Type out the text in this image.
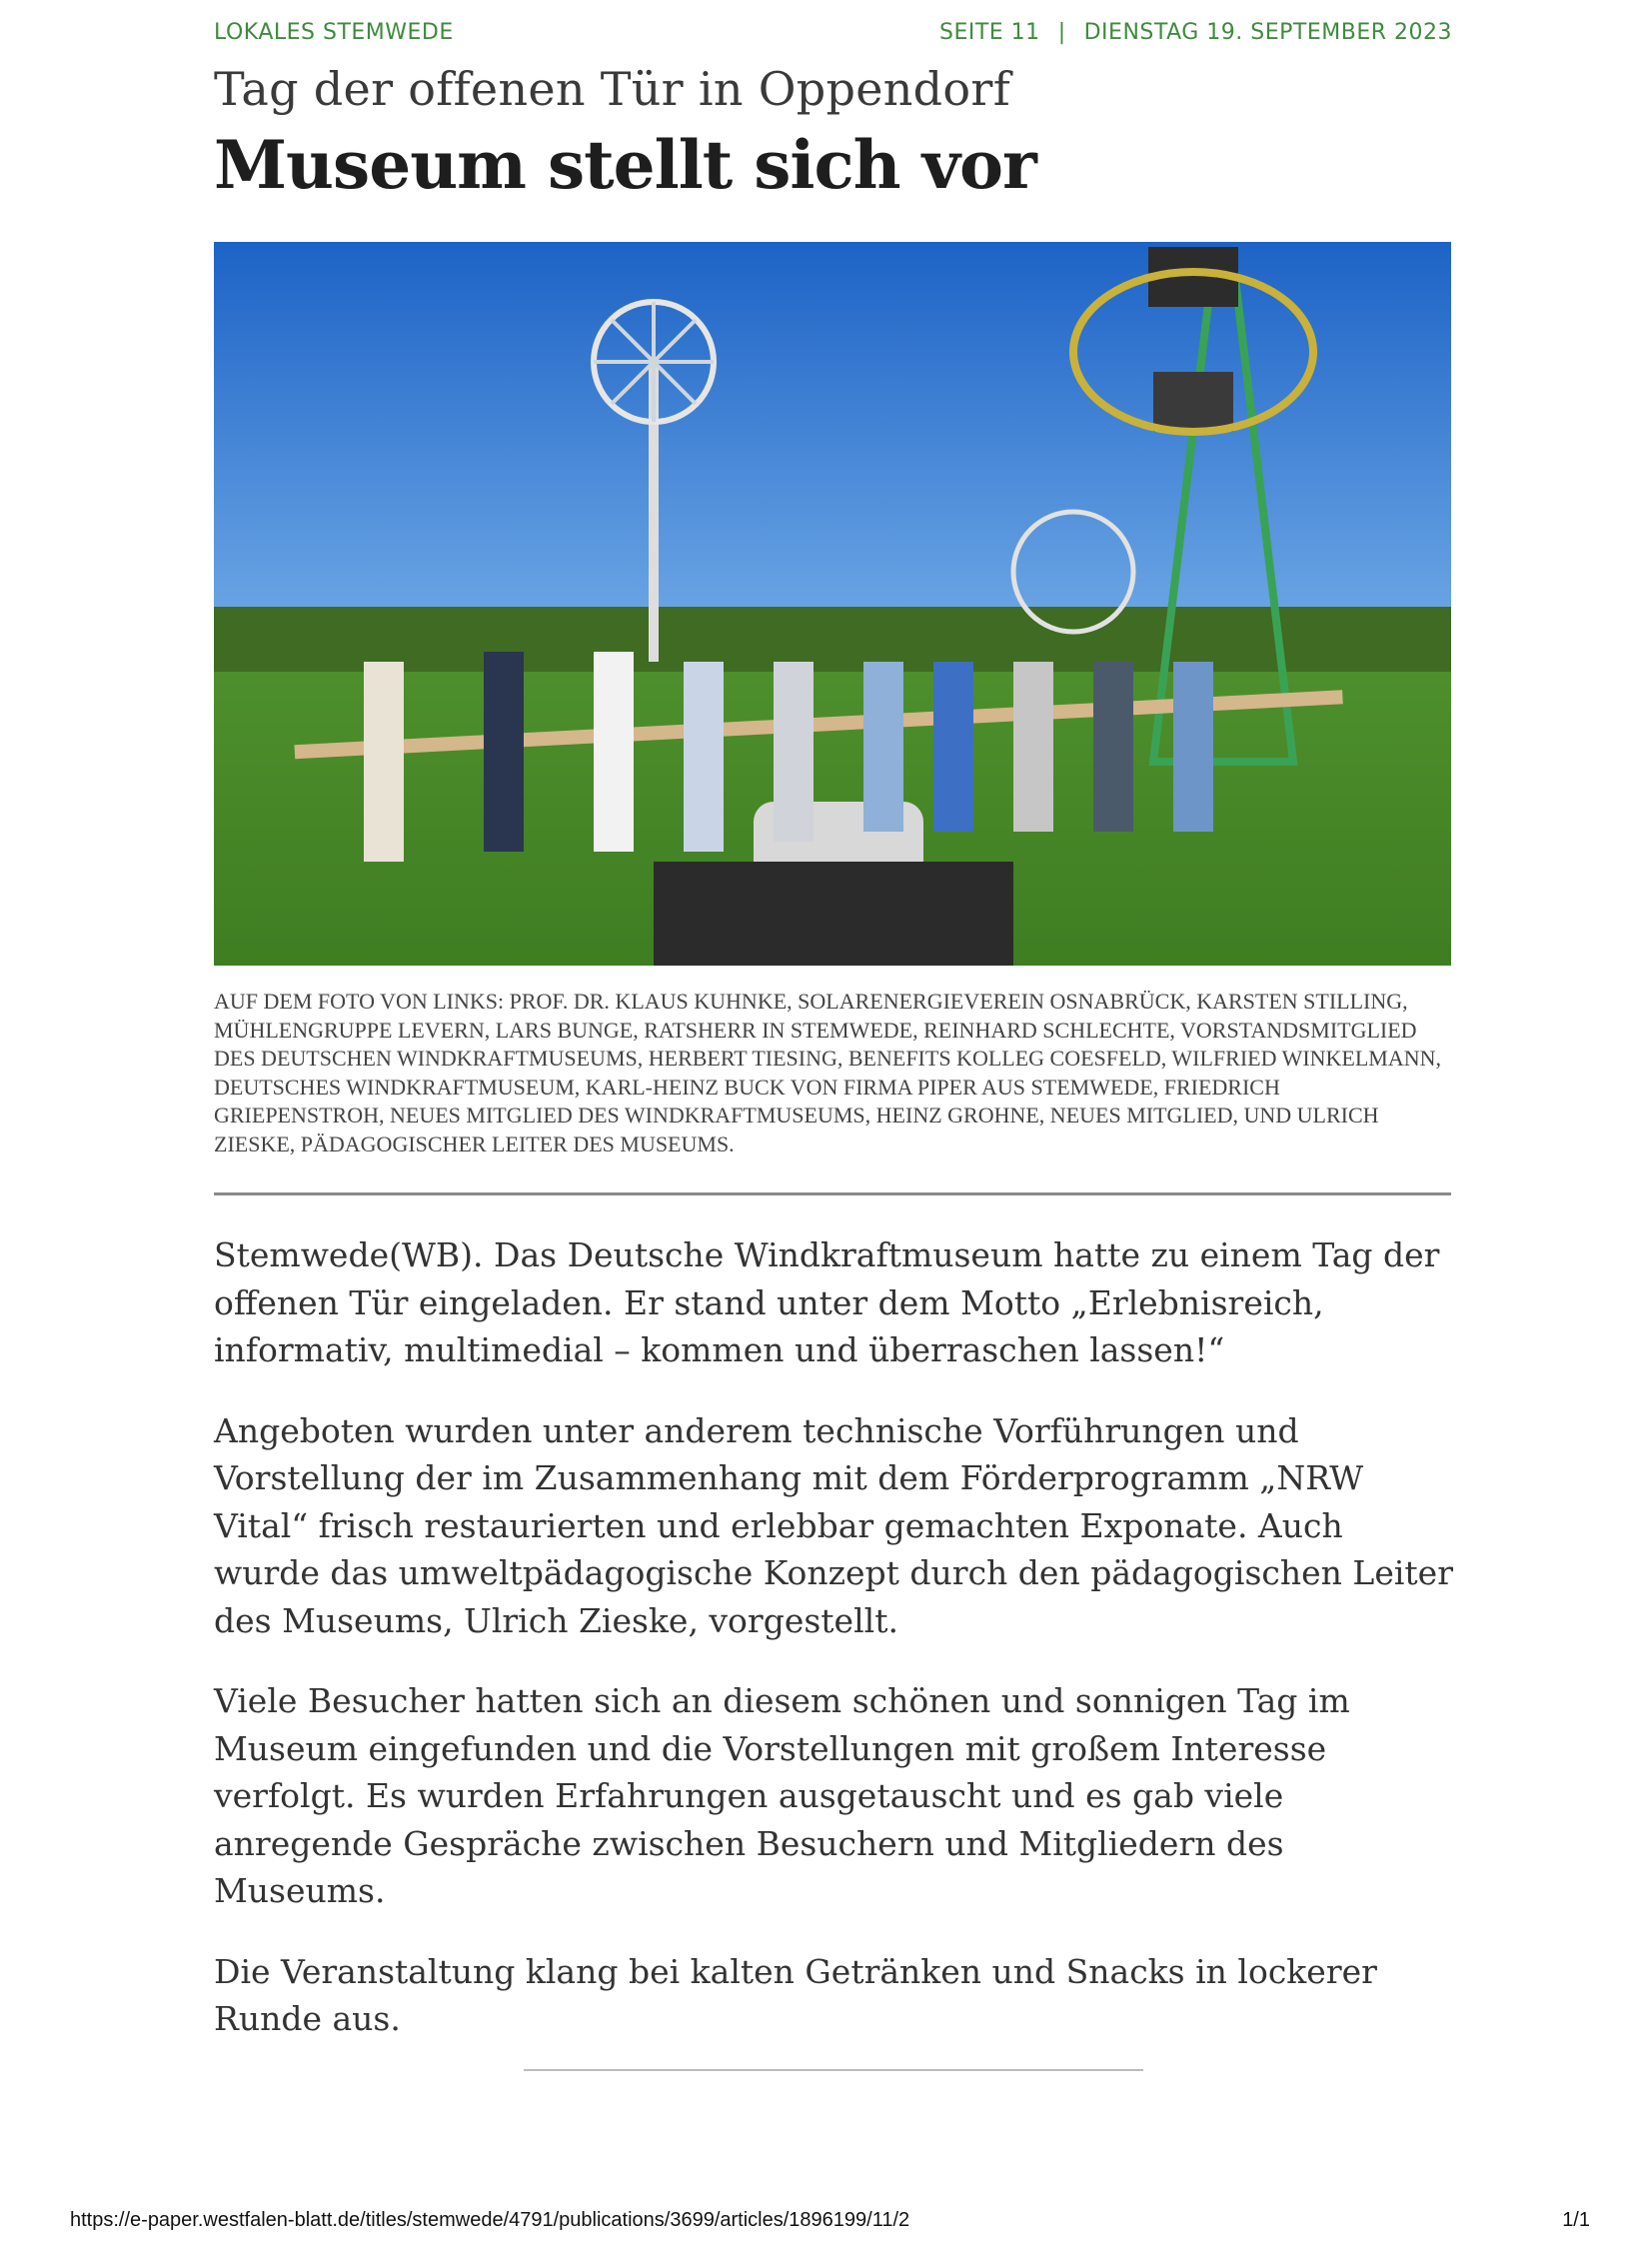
LOKALES STEMWEDE	SEITE 11 | DIENSTAG 19. SEPTEMBER 2023
Tag der offenen Tür in Oppendorf
Museum stellt sich vor
AUF DEM FOTO VON LINKS: PROF. DR. KLAUS KUHNKE, SOLARENERGIEVEREIN OSNABRÜCK, KARSTEN STILLING, MÜHLENGRUPPE LEVERN, LARS BUNGE, RATSHERR IN STEMWEDE, REINHARD SCHLECHTE, VORSTANDSMITGLIED DES DEUTSCHEN WINDKRAFTMUSEUMS, HERBERT TIESING, BENEFITS KOLLEG COESFELD, WILFRIED WINKELMANN, DEUTSCHES WINDKRAFTMUSEUM, KARL-HEINZ BUCK VON FIRMA PIPER AUS STEMWEDE, FRIEDRICH GRIEPENSTROH, NEUES MITGLIED DES WINDKRAFTMUSEUMS, HEINZ GROHNE, NEUES MITGLIED, UND ULRICH ZIESKE, PÄDAGOGISCHER LEITER DES MUSEUMS.

Stemwede(WB). Das Deutsche Windkraftmuseum hatte zu einem Tag der offenen Tür eingeladen. Er stand unter dem Motto „Erlebnisreich, informativ, multimedial – kommen und überraschen lassen!“

Angeboten wurden unter anderem technische Vorführungen und Vorstellung der im Zusammenhang mit dem Förderprogramm „NRW Vital“ frisch restaurierten und erlebbar gemachten Exponate. Auch wurde das umweltpädagogische Konzept durch den pädagogischen Leiter des Museums, Ulrich Zieske, vorgestellt.

Viele Besucher hatten sich an diesem schönen und sonnigen Tag im Museum eingefunden und die Vorstellungen mit großem Interesse verfolgt. Es wurden Erfahrungen ausgetauscht und es gab viele anregende Gespräche zwischen Besuchern und Mitgliedern des Museums.

Die Veranstaltung klang bei kalten Getränken und Snacks in lockerer Runde aus.

https://e-paper.westfalen-blatt.de/titles/stemwede/4791/publications/3699/articles/1896199/11/2	1/1
